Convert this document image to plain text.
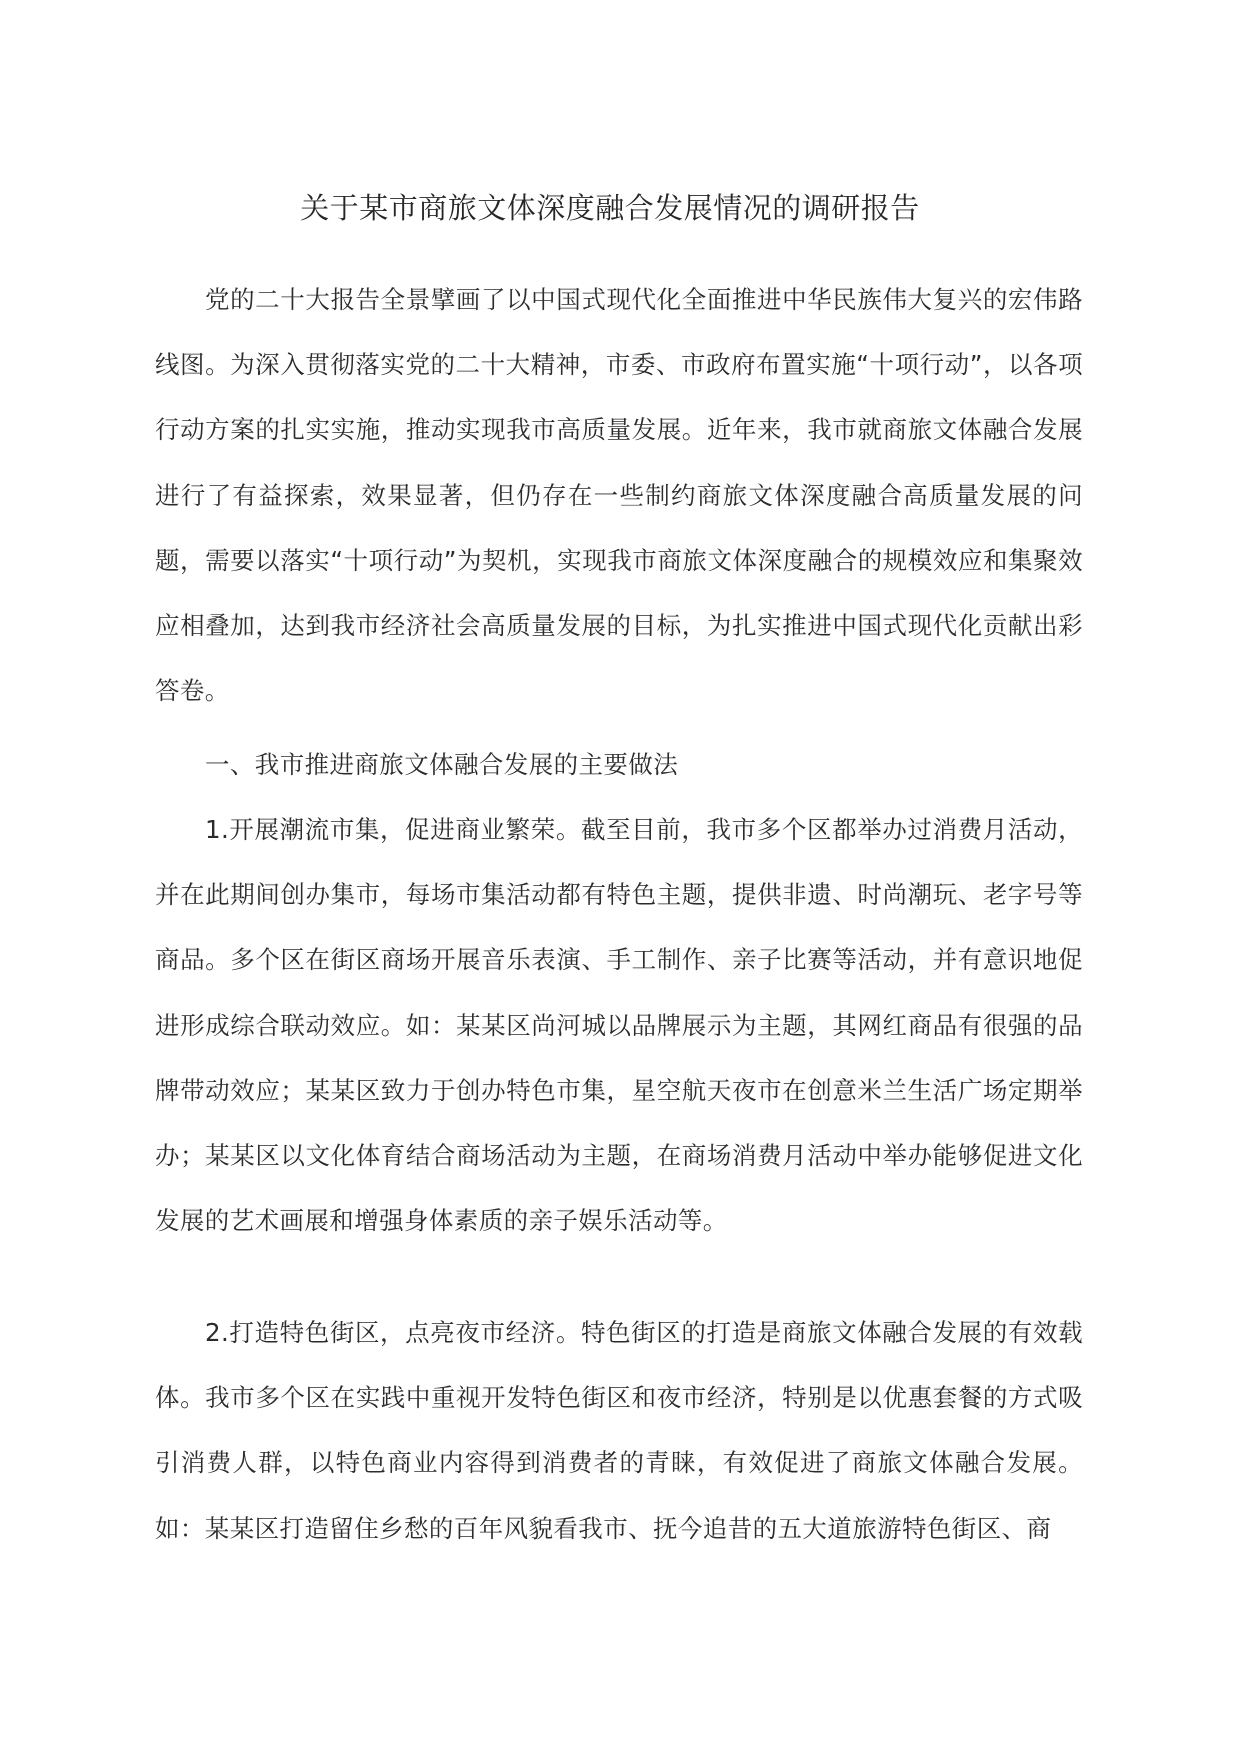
关于某市商旅文体深度融合发展情况的调研报告
党的二十大报告全景擘画了以中国式现代化全面推进中华民族伟大复兴的宏伟路线图。为深入贯彻落实党的二十大精神，市委、市政府布置实施“十项行动”，以各项行动方案的扎实实施，推动实现我市高质量发展。近年来，我市就商旅文体融合发展进行了有益探索，效果显著，但仍存在一些制约商旅文体深度融合高质量发展的问题，需要以落实“十项行动”为契机，实现我市商旅文体深度融合的规模效应和集聚效应相叠加，达到我市经济社会高质量发展的目标，为扎实推进中国式现代化贡献出彩答卷。
一、我市推进商旅文体融合发展的主要做法
1.开展潮流市集，促进商业繁荣。截至目前，我市多个区都举办过消费月活动，并在此期间创办集市，每场市集活动都有特色主题，提供非遗、时尚潮玩、老字号等商品。多个区在街区商场开展音乐表演、手工制作、亲子比赛等活动，并有意识地促进形成综合联动效应。如：某某区尚河城以品牌展示为主题，其网红商品有很强的品牌带动效应；某某区致力于创办特色市集，星空航天夜市在创意米兰生活广场定期举办；某某区以文化体育结合商场活动为主题，在商场消费月活动中举办能够促进文化发展的艺术画展和增强身体素质的亲子娱乐活动等。
2.打造特色街区，点亮夜市经济。特色街区的打造是商旅文体融合发展的有效载体。我市多个区在实践中重视开发特色街区和夜市经济，特别是以优惠套餐的方式吸引消费人群，以特色商业内容得到消费者的青睐，有效促进了商旅文体融合发展。如：某某区打造留住乡愁的百年风貌看我市、抚今追昔的五大道旅游特色街区、商
